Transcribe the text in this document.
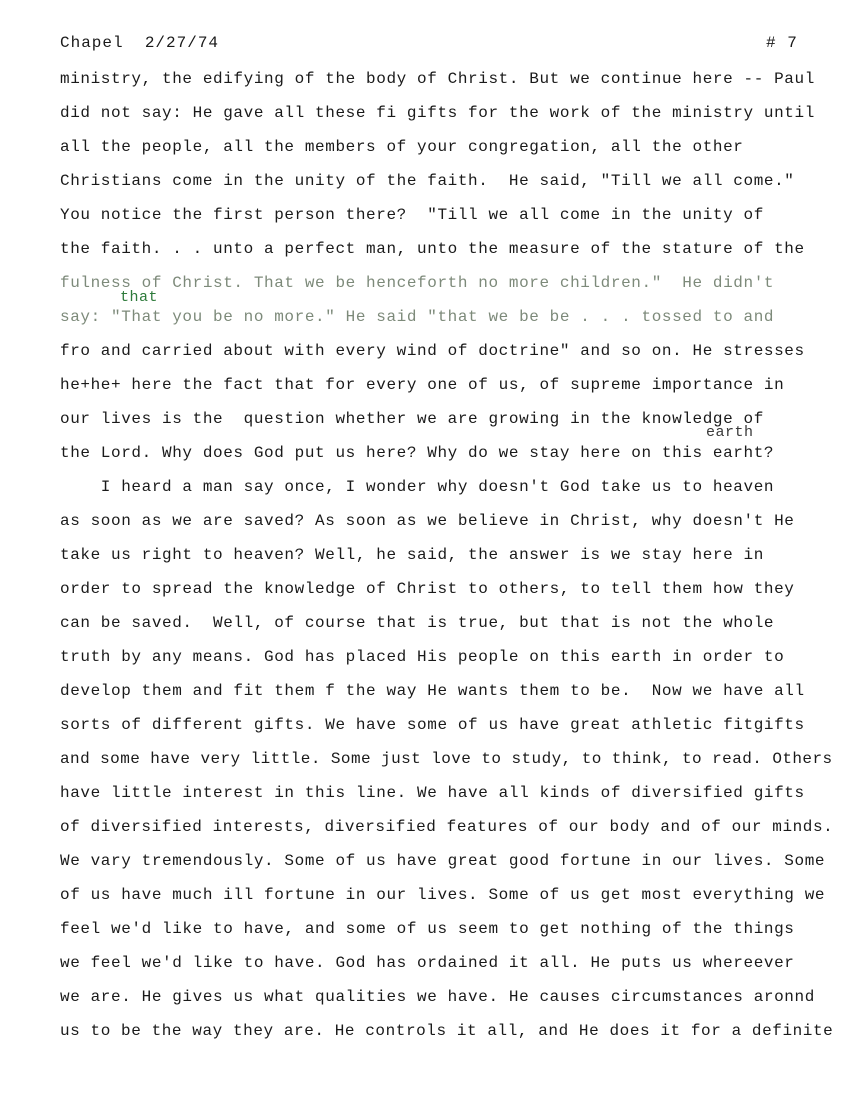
Chapel  2/27/74	# 7
that
earth
ministry, the edifying of the body of Christ. But we continue here -- Paul
did not say: He gave all these fi gifts for the work of the ministry until
all the people, all the members of your congregation, all the other
Christians come in the unity of the faith.  He said, "Till we all come."
You notice the first person there?  "Till we all come in the unity of
the faith. . . unto a perfect man, unto the measure of the stature of the
fulness of Christ. That we be henceforth no more children."  He didn't
say: "That you be no more." He said "that we be be . . . tossed to and
fro and carried about with every wind of doctrine" and so on. He stresses
he+he+ here the fact that for every one of us, of supreme importance in
our lives is the  question whether we are growing in the knowledge of
the Lord. Why does God put us here? Why do we stay here on this earht?
I heard a man say once, I wonder why doesn't God take us to heaven
as soon as we are saved? As soon as we believe in Christ, why doesn't He
take us right to heaven? Well, he said, the answer is we stay here in
order to spread the knowledge of Christ to others, to tell them how they
can be saved.  Well, of course that is true, but that is not the whole
truth by any means. God has placed His people on this earth in order to
develop them and fit them f the way He wants them to be.  Now we have all
sorts of different gifts. We have some of us have great athletic fitgifts
and some have very little. Some just love to study, to think, to read. Others
have little interest in this line. We have all kinds of diversified gifts
of diversified interests, diversified features of our body and of our minds.
We vary tremendously. Some of us have great good fortune in our lives. Some
of us have much ill fortune in our lives. Some of us get most everything we
feel we'd like to have, and some of us seem to get nothing of the things
we feel we'd like to have. God has ordained it all. He puts us whereever
we are. He gives us what qualities we have. He causes circumstances aronnd
us to be the way they are. He controls it all, and He does it for a definite
